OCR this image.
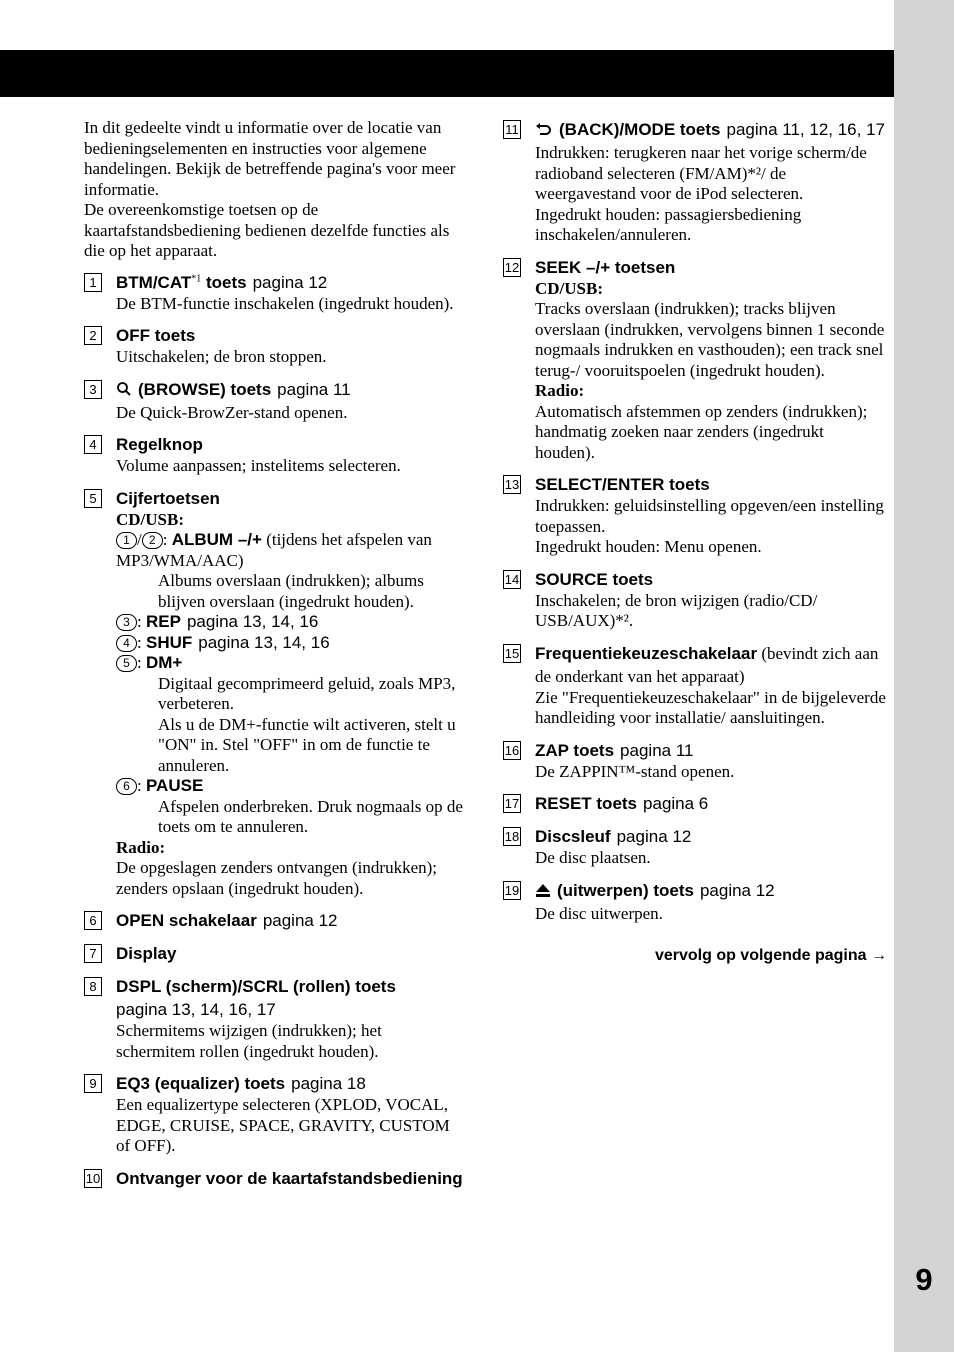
9

In dit gedeelte vindt u informatie over de locatie van bedieningselementen en instructies voor algemene handelingen. Bekijk de betreffende pagina's voor meer informatie.

De overeenkomstige toetsen op de kaartafstandsbediening bedienen dezelfde functies als die op het apparaat.

1	BTM/CAT$^{*1}$ toets pagina 12
De BTM-functie inschakelen (ingedrukt houden).
2	OFF toets
Uitschakelen; de bron stoppen.
3	(BROWSE) toets pagina 11
De Quick-BrowZer-stand openen.
4	Regelknop
Volume aanpassen; instelitems selecteren.
5	Cijfertoetsen
CD/USB:
1 / 2 : ALBUM –/+ (tijdens het afspelen van MP3/WMA/AAC)
Albums overslaan (indrukken); albums blijven overslaan (ingedrukt houden).
3 : REP pagina 13, 14, 16
4 : SHUF pagina 13, 14, 16
5 : DM+
Digitaal gecomprimeerd geluid, zoals MP3, verbeteren.
Als u de DM+-functie wilt activeren, stelt u "ON" in. Stel "OFF" in om de functie te annuleren.
6 : PAUSE
Afspelen onderbreken. Druk nogmaals op de toets om te annuleren.
Radio:
De opgeslagen zenders ontvangen (indrukken); zenders opslaan (ingedrukt houden).
6	OPEN schakelaar pagina 12
7	Display
8	DSPL (scherm)/SCRL (rollen) toets
pagina 13, 14, 16, 17
Schermitems wijzigen (indrukken); het schermitem rollen (ingedrukt houden).
9	EQ3 (equalizer) toets pagina 18
Een equalizertype selecteren (XPLOD, VOCAL, EDGE, CRUISE, SPACE, GRAVITY, CUSTOM of OFF).
10 Ontvanger voor de kaartafstandsbediening
11	(BACK)/MODE toets pagina 11, 12, 16, 17
Indrukken: terugkeren naar het vorige scherm/de radioband selecteren (FM/AM)*²/ de weergavestand voor de iPod selecteren.
Ingedrukt houden: passagiersbediening inschakelen/annuleren.
12 SEEK –/+ toetsen
CD/USB:
Tracks overslaan (indrukken); tracks blijven overslaan (indrukken, vervolgens binnen 1 seconde nogmaals indrukken en vasthouden); een track snel terug-/ vooruitspoelen (ingedrukt houden).
Radio:
Automatisch afstemmen op zenders (indrukken); handmatig zoeken naar zenders (ingedrukt houden).
13 SELECT/ENTER toets
Indrukken: geluidsinstelling opgeven/een instelling toepassen.
Ingedrukt houden: Menu openen.
14 SOURCE toets
Inschakelen; de bron wijzigen (radio/CD/ USB/AUX)*².
15 Frequentiekeuzeschakelaar (bevindt zich aan de onderkant van het apparaat)
Zie "Frequentiekeuzeschakelaar" in de bijgeleverde handleiding voor installatie/ aansluitingen.
16 ZAP toets pagina 11
De ZAPPIN™-stand openen.
17 RESET toets pagina 6
18 Discsleuf pagina 12
De disc plaatsen.
19	(uitwerpen) toets pagina 12
De disc uitwerpen.
vervolg op volgende pagina →
